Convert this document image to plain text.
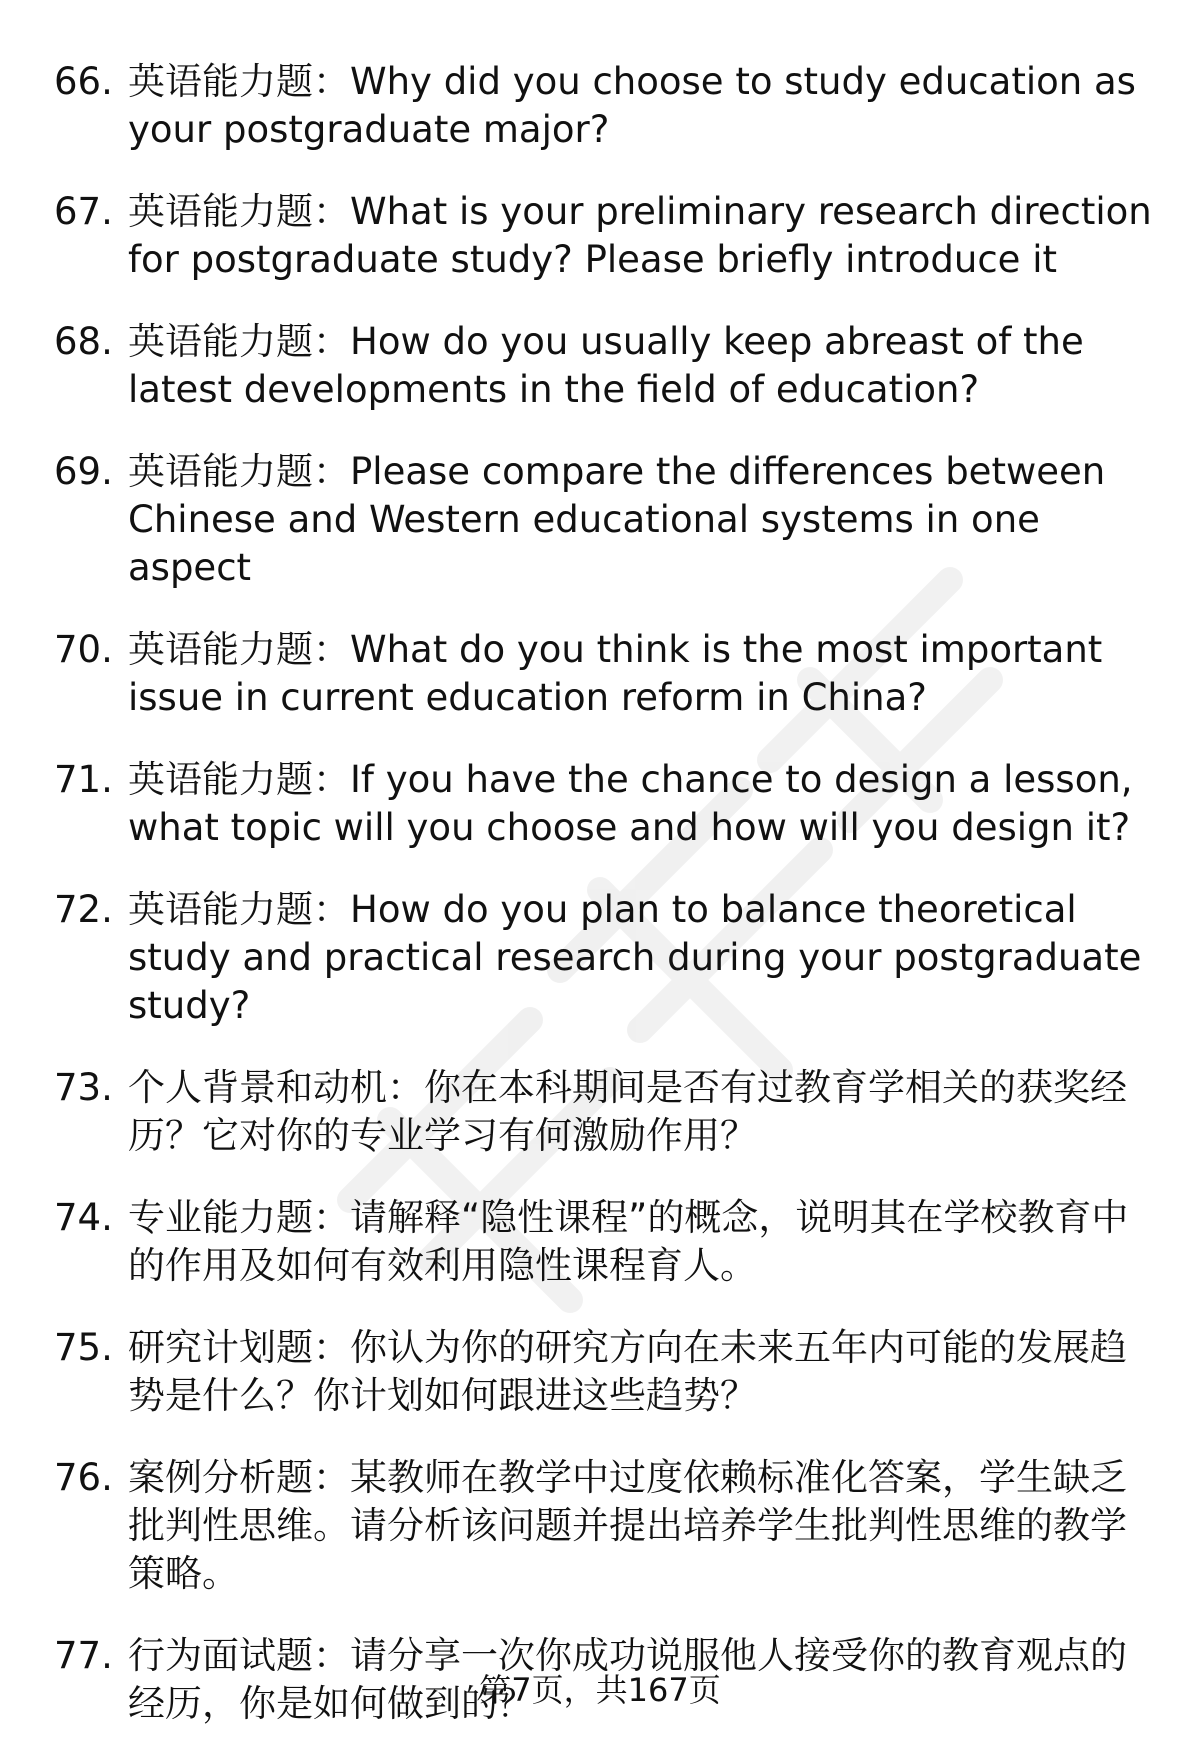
66. 英语能力题：Why did you choose to study education as your postgraduate major?
67. 英语能力题：What is your preliminary research direction for postgraduate study? Please briefly introduce it
68. 英语能力题：How do you usually keep abreast of the latest developments in the field of education?
69. 英语能力题：Please compare the differences between Chinese and Western educational systems in one aspect
70. 英语能力题：What do you think is the most important issue in current education reform in China?
71. 英语能力题：If you have the chance to design a lesson, what topic will you choose and how will you design it?
72. 英语能力题：How do you plan to balance theoretical study and practical research during your postgraduate study?
73. 个人背景和动机：你在本科期间是否有过教育学相关的获奖经历？它对你的专业学习有何激励作用？
74. 专业能力题：请解释“隐性课程”的概念，说明其在学校教育中的作用及如何有效利用隐性课程育人。
75. 研究计划题：你认为你的研究方向在未来五年内可能的发展趋势是什么？你计划如何跟进这些趋势？
76. 案例分析题：某教师在教学中过度依赖标准化答案，学生缺乏批判性思维。请分析该问题并提出培养学生批判性思维的教学策略。
77. 行为面试题：请分享一次你成功说服他人接受你的教育观点的经历，你是如何做到的？
第7页，共167页
